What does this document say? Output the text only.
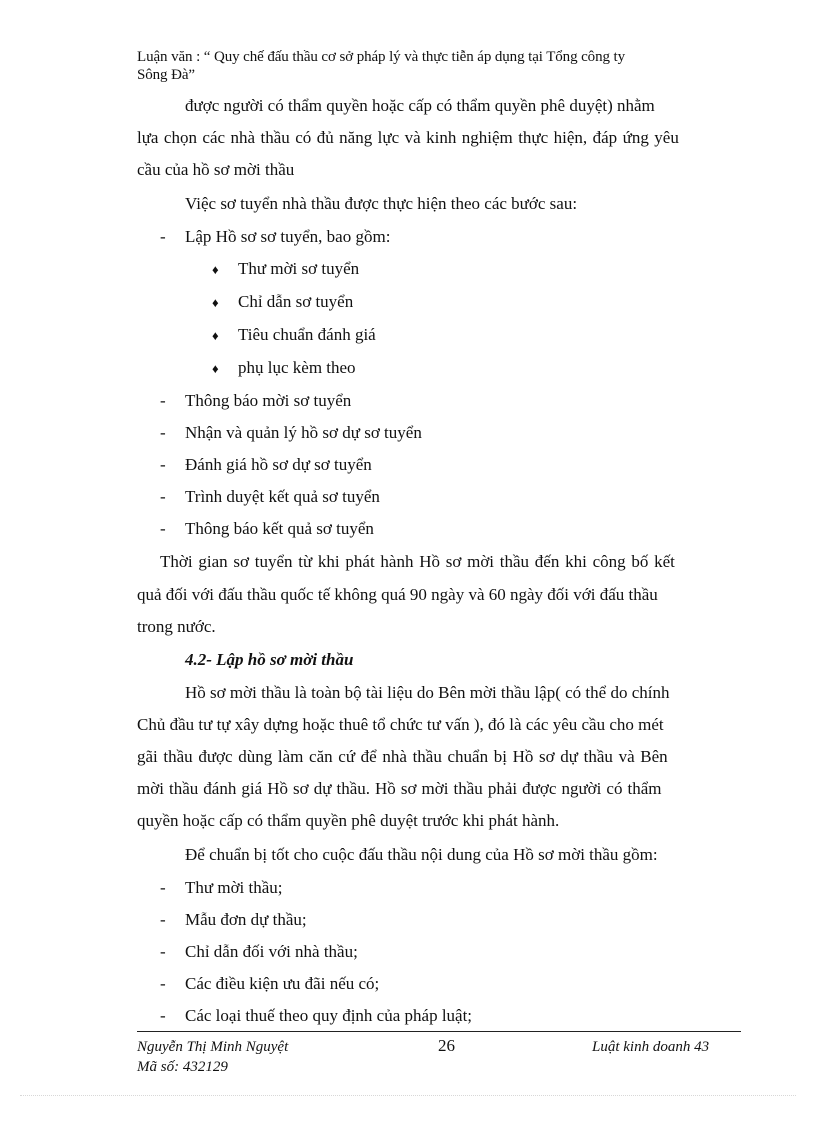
Luận văn : “ Quy chế đấu thầu cơ sở pháp lý và thực tiễn áp dụng tại Tổng công ty
Sông Đà”
được người có thẩm quyền hoặc cấp có thẩm quyền phê duyệt) nhằm
lựa chọn các nhà thầu có đủ năng lực và kinh nghiệm thực hiện, đáp ứng yêu
cầu của hồ sơ mời thầu
Việc sơ tuyển nhà thầu được thực hiện theo các bước sau:
- Lập Hồ sơ sơ tuyển, bao gồm:
♦ Thư mời sơ tuyển
♦ Chỉ dẫn sơ tuyển
♦ Tiêu chuẩn đánh giá
♦ phụ lục kèm theo
- Thông báo mời sơ tuyển
- Nhận và quản lý hồ sơ dự sơ tuyển
- Đánh giá hồ sơ dự sơ tuyển
- Trình duyệt kết quả sơ tuyển
- Thông báo kết quả sơ tuyển
Thời gian sơ tuyển từ khi phát hành Hồ sơ mời thầu đến khi công bố kết
quả đối với đấu thầu quốc tế không quá 90 ngày và 60 ngày đối với đấu thầu
trong nước.
4.2- Lập hồ sơ mời thầu
Hồ sơ mời thầu là toàn bộ tài liệu do Bên mời thầu lập( có thể do chính
Chủ đầu tư tự xây dựng hoặc thuê tổ chức tư vấn ), đó là các yêu cầu cho mét
gãi thầu được dùng làm căn cứ để nhà thầu chuẩn bị Hồ sơ dự thầu và Bên
mời thầu đánh giá Hồ sơ dự thầu. Hồ sơ mời thầu phải được người có thẩm
quyền hoặc cấp có thẩm quyền phê duyệt trước khi phát hành.
Để chuẩn bị tốt cho cuộc đấu thầu nội dung của Hồ sơ mời thầu gồm:
- Thư mời thầu;
- Mẫu đơn dự thầu;
- Chỉ dẫn đối với nhà thầu;
- Các điều kiện ưu đãi nếu có;
- Các loại thuế theo quy định của pháp luật;
Nguyễn Thị Minh Nguyệt
Mã số: 432129
26	Luật kinh doanh 43
